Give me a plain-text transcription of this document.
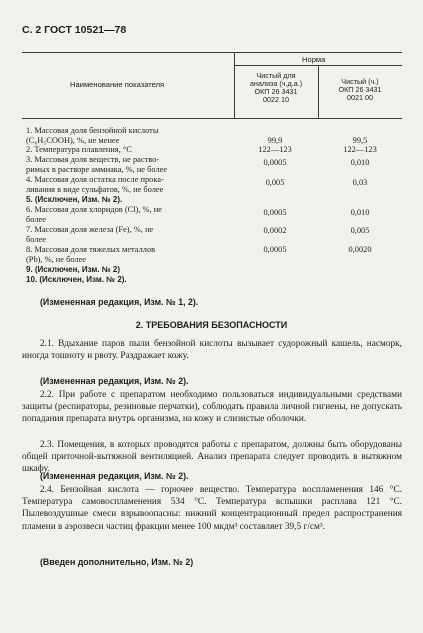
С. 2 ГОСТ 10521—78
Норма
Наименование показателя
Чистый для
анализа (ч.д.а.)
ОКП 26 3431
0022 10
Чистый (ч.)
ОКП 26 3431
0021 00
1. Массовая доля бензойной кислоты
(C₆H₅COOH), %, не менее	99,9	99,5
2. Температура плавления, °С	122—123	122—123
3. Массовая доля веществ, не раство-
римых в растворе аммиака, %, не более
0,0005	0,010
4. Массовая доля остатка после прока-
ливания в виде сульфатов, %, не более
0,005	0,03
5. (Исключен, Изм. № 2).
6. Массовая доля хлоридов (Cl), %, не
более
0,0005	0,010
7. Массовая доля железа (Fe), %, не
более
0,0002	0,005
8. Массовая доля тяжелых металлов
(Pb), %, не более
0,0005	0,0020
9. (Исключен, Изм. № 2)
10. (Исключен, Изм. № 2).
(Измененная редакция, Изм. № 1, 2).
2. ТРЕБОВАНИЯ БЕЗОПАСНОСТИ
2.1. Вдыхание паров пыли бензойной кислоты вызывает судорожный кашель, насморк, иногда тошноту и рвоту. Раздражает кожу.
(Измененная редакция, Изм. № 2).
2.2. При работе с препаратом необходимо пользоваться индивидуальными средствами защиты (респираторы, резиновые перчатки), соблюдать правила личной гигиены, не допускать попадания препарата внутрь организма, на кожу и слизистые оболочки.
2.3. Помещения, в которых проводятся работы с препаратом, должны быть оборудованы общей приточной-вытяжной вентиляцией. Анализ препарата следует проводить в вытяжном шкафу.
(Измененная редакция, Изм. № 2).
2.4. Бензойная кислота — горючее вещество. Температура воспламенения 146 °С. Температура самовоспламенения 534 °С. Температура вспышки расплава 121 °С. Пылевоздушные смеси взрывоопасны: нижний концентрационный предел распространения пламени в аэрозвеси частиц фракции менее 100 мкдм³ составляет 39,5 г/см³.
(Введен дополнительно, Изм. № 2)
